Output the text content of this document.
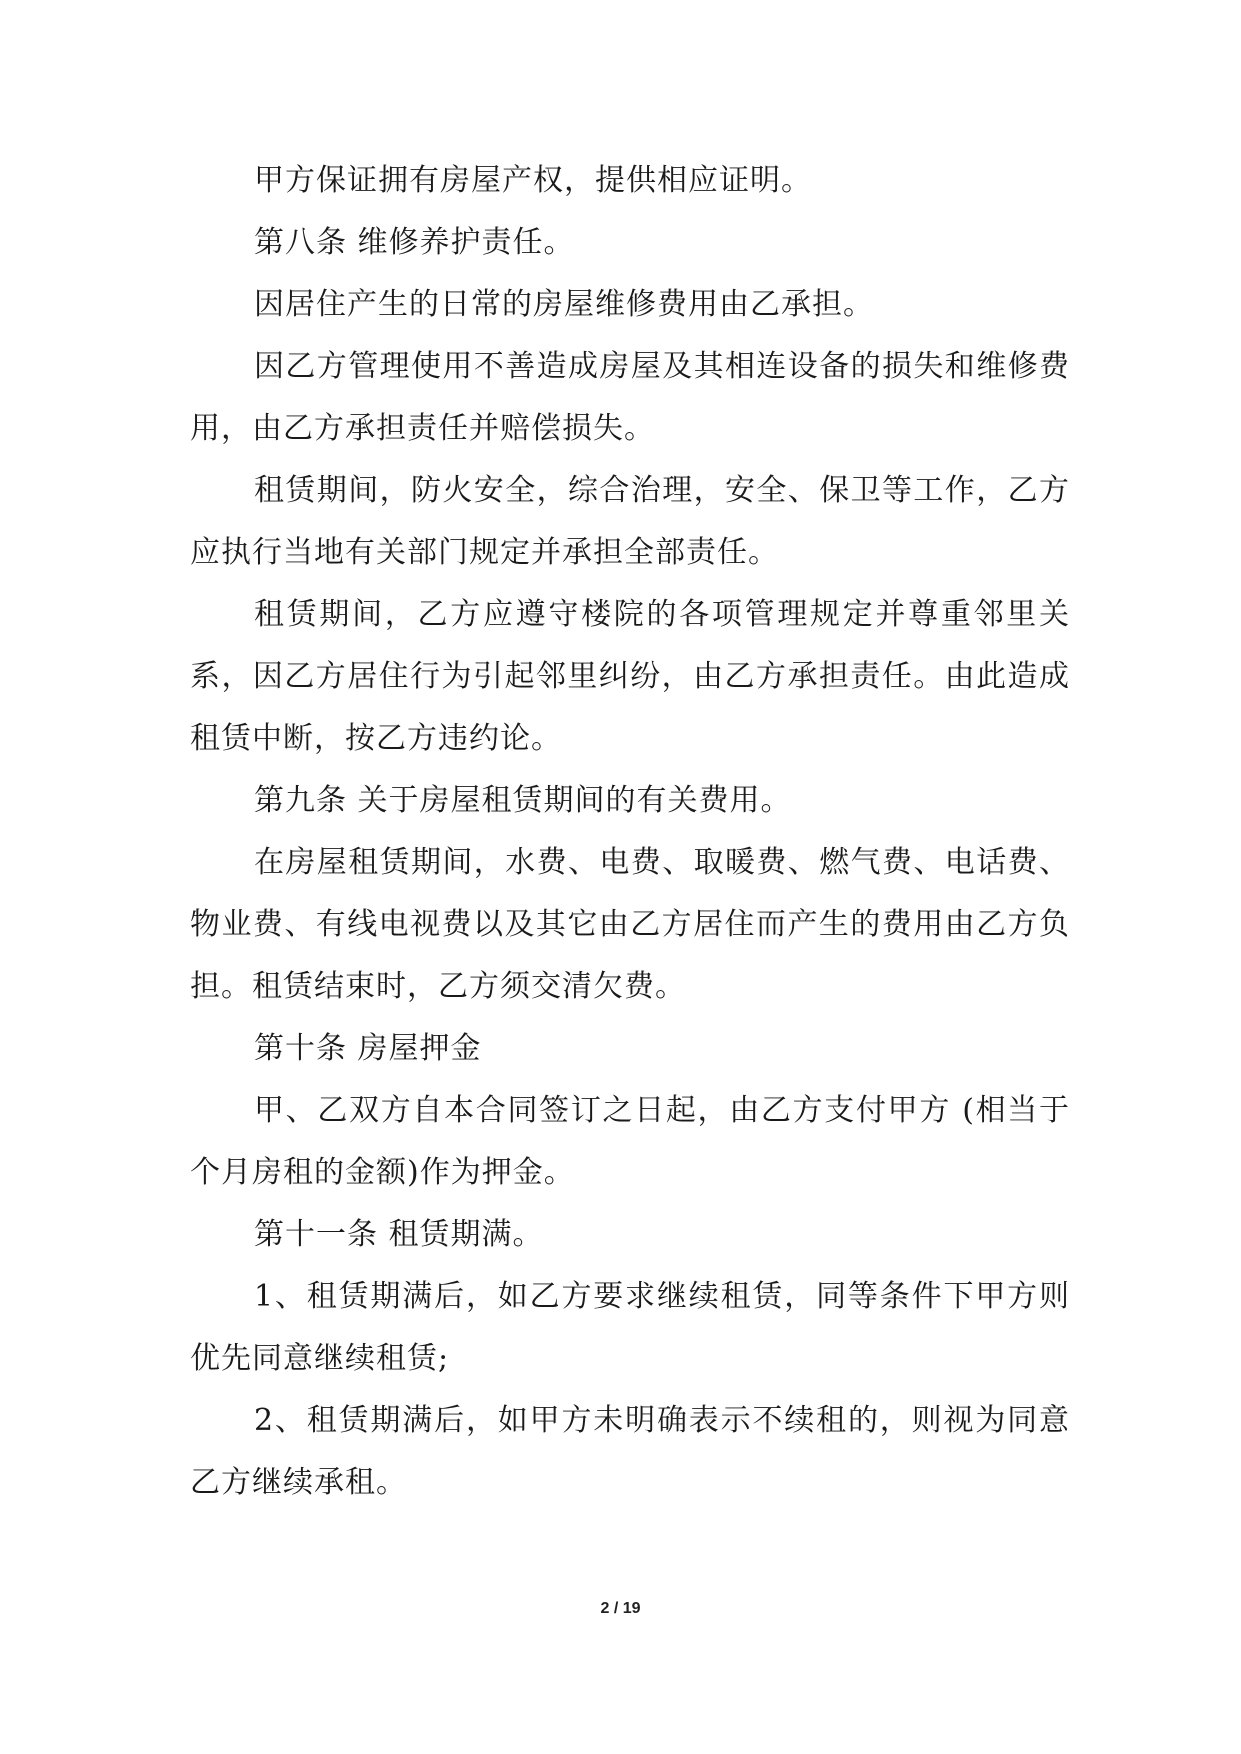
甲方保证拥有房屋产权，提供相应证明。

第八条 维修养护责任。

因居住产生的日常的房屋维修费用由乙承担。

因乙方管理使用不善造成房屋及其相连设备的损失和维修费用，由乙方承担责任并赔偿损失。

租赁期间，防火安全，综合治理，安全、保卫等工作，乙方应执行当地有关部门规定并承担全部责任。

租赁期间，乙方应遵守楼院的各项管理规定并尊重邻里关系，因乙方居住行为引起邻里纠纷，由乙方承担责任。由此造成租赁中断，按乙方违约论。

第九条 关于房屋租赁期间的有关费用。

在房屋租赁期间，水费、电费、取暖费、燃气费、电话费、物业费、有线电视费以及其它由乙方居住而产生的费用由乙方负担。租赁结束时，乙方须交清欠费。

第十条 房屋押金

甲、乙双方自本合同签订之日起，由乙方支付甲方 (相当于个月房租的金额)作为押金。

第十一条 租赁期满。

1、租赁期满后，如乙方要求继续租赁，同等条件下甲方则优先同意继续租赁;

2、租赁期满后，如甲方未明确表示不续租的，则视为同意乙方继续承租。

2 / 19
